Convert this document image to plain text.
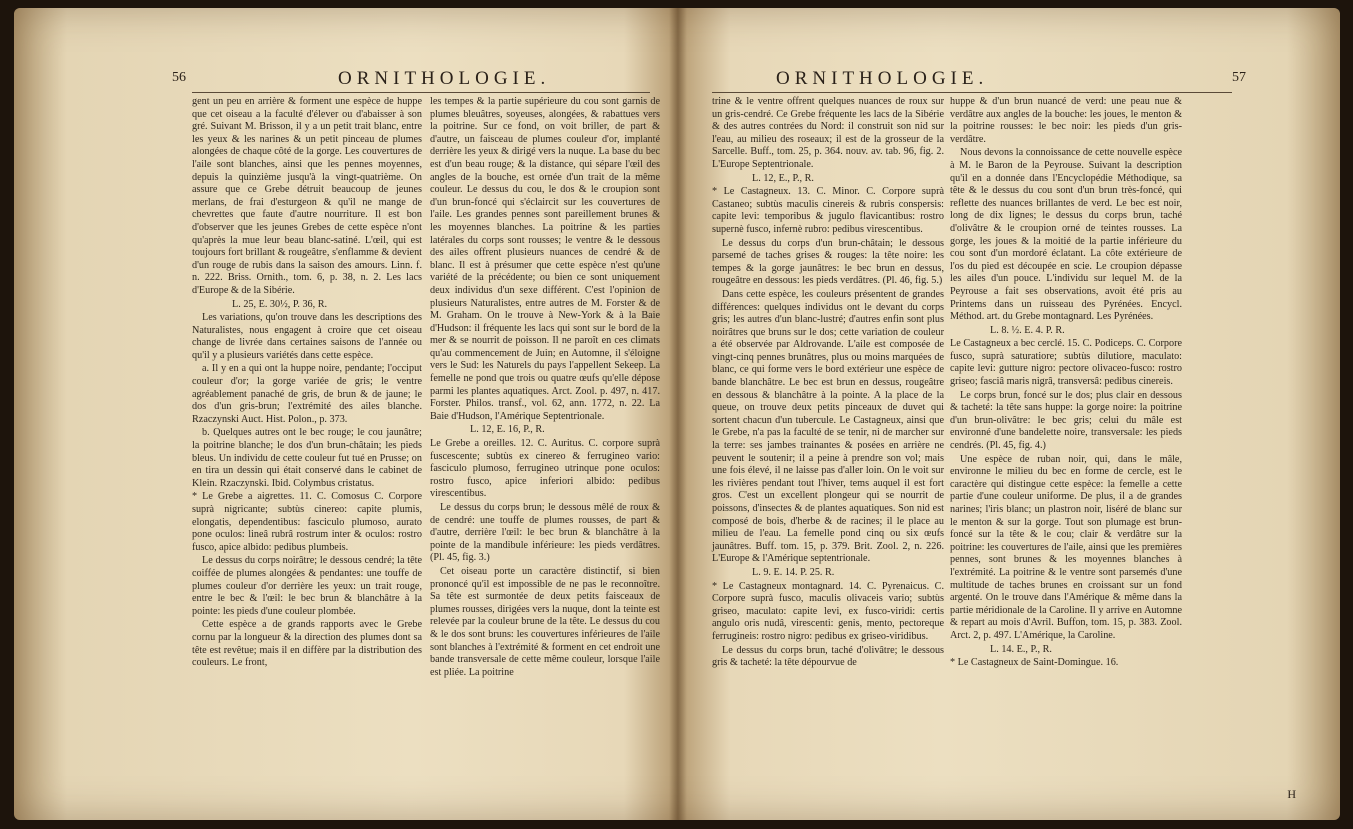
56	ORNITHOLOGIE.

gent un peu en arrière & forment une espèce de huppe que cet oiseau a la faculté d'élever ou d'abaisser à son gré. Suivant M. Brisson, il y a un petit trait blanc, entre les yeux & les narines & un petit pinceau de plumes alongées de chaque côté de la gorge. Les couvertures de l'aile sont blanches, ainsi que les pennes moyennes, depuis la quinzième jusqu'à la vingt-quatrième. On assure que ce Grebe détruit beaucoup de jeunes merlans, de frai d'esturgeon & qu'il ne mange de chevrettes que faute d'autre nourriture. Il est bon d'observer que les jeunes Grebes de cette espèce n'ont qu'après la mue leur beau blanc-satiné. L'œil, qui est toujours fort brillant & rougeâtre, s'enflamme & devient d'un rouge de rubis dans la saison des amours. Linn. f. n. 222. Briss. Ornith., tom. 6, p. 38, n. 2. Les lacs d'Europe & de la Sibérie.

L. 25, E. 30½, P. 36, R.

Les variations, qu'on trouve dans les descriptions des Naturalistes, nous engagent à croire que cet oiseau change de livrée dans certaines saisons de l'année ou qu'il y a plusieurs variétés dans cette espèce.

a. Il y en a qui ont la huppe noire, pendante; l'occiput couleur d'or; la gorge variée de gris; le ventre agréablement panaché de gris, de brun & de jaune; le dos d'un gris-brun; l'extrémité des ailes blanche. Rzaczynski Auct. Hist. Polon., p. 373.

b. Quelques autres ont le bec rouge; le cou jaunâtre; la poitrine blanche; le dos d'un brun-châtain; les pieds bleus. Un individu de cette couleur fut tué en Prusse; on en tira un dessin qui était conservé dans le cabinet de Klein. Rzaczynski. Ibid. Colymbus cristatus.

* Le Grebe a aigrettes. 11. C. Comosus C. Corpore suprà nigricante; subtùs cinereo: capite plumis, elongatis, dependentibus: fasciculo plumoso, aurato pone oculos: lineâ rubrâ rostrum inter & oculos: rostro fusco, apice albido: pedibus plumbeis.

Le dessus du corps noirâtre; le dessous cendré; la tête coiffée de plumes alongées & pendantes: une touffe de plumes couleur d'or derrière les yeux: un trait rouge, entre le bec & l'œil: le bec brun & blanchâtre à la pointe: les pieds d'une couleur plombée.

Cette espèce a de grands rapports avec le Grebe cornu par la longueur & la direction des plumes dont sa tête est revêtue; mais il en diffère par la distribution des couleurs. Le front,

les tempes & la partie supérieure du cou sont garnis de plumes bleuâtres, soyeuses, alongées, & rabattues vers la poitrine. Sur ce fond, on voit briller, de part & d'autre, un faisceau de plumes couleur d'or, implanté derrière les yeux & dirigé vers la nuque. La base du bec est d'un beau rouge; & la distance, qui sépare l'œil des angles de la bouche, est ornée d'un trait de la même couleur. Le dessus du cou, le dos & le croupion sont d'un brun-foncé qui s'éclaircit sur les couvertures de l'aile. Les grandes pennes sont pareillement brunes & les moyennes blanches. La poitrine & les parties latérales du corps sont rousses; le ventre & le dessous des ailes offrent plusieurs nuances de cendré & de blanc. Il est à présumer que cette espèce n'est qu'une variété de la précédente; ou bien ce sont uniquement deux individus d'un sexe différent. C'est l'opinion de plusieurs Naturalistes, entre autres de M. Forster & de M. Graham. On le trouve à New-York & à la Baie d'Hudson: il fréquente les lacs qui sont sur le bord de la mer & se nourrit de poisson. Il ne paroît en ces climats qu'au commencement de Juin; en Automne, il s'éloigne vers le Sud: les Naturels du pays l'appellent Sekeep. La femelle ne pond que trois ou quatre œufs qu'elle dépose parmi les plantes aquatiques. Arct. Zool. p. 497, n. 417. Forster. Philos. transf., vol. 62, ann. 1772, n. 22. La Baie d'Hudson, l'Amérique Septentrionale.

L. 12, E. 16, P., R.

Le Grebe a oreilles. 12. C. Auritus. C. corpore suprà fuscescente; subtùs ex cinereo & ferrugineo vario: fasciculo plumoso, ferrugineo utrinque pone oculos: rostro fusco, apice inferiori albido: pedibus virescentibus.

Le dessus du corps brun; le dessous mêlé de roux & de cendré: une touffe de plumes rousses, de part & d'autre, derrière l'œil: le bec brun & blanchâtre à la pointe de la mandibule inférieure: les pieds verdâtres. (Pl. 45, fig. 3.)

Cet oiseau porte un caractère distinctif, si bien prononcé qu'il est impossible de ne pas le reconnoître. Sa tête est surmontée de deux petits faisceaux de plumes rousses, dirigées vers la nuque, dont la teinte est relevée par la couleur brune de la tête. Le dessus du cou & le dos sont bruns: les couvertures inférieures de l'aile sont blanches à l'extrémité & forment en cet endroit une bande transversale de cette même couleur, lorsque l'aile est pliée. La poitrine

ORNITHOLOGIE.	57

trine & le ventre offrent quelques nuances de roux sur un gris-cendré. Ce Grebe fréquente les lacs de la Sibérie & des autres contrées du Nord: il construit son nid sur l'eau, au milieu des roseaux; il est de la grosseur de la Sarcelle. Buff., tom. 25, p. 364. nouv. av. tab. 96, fig. 2. L'Europe Septentrionale.

L. 12, E., P., R.

* Le Castagneux. 13. C. Minor. C. Corpore suprà Castaneo; subtùs maculis cinereis & rubris conspersis: capite levi: temporibus & jugulo flavicantibus: rostro supernè fusco, infernè rubro: pedibus virescentibus.

Le dessus du corps d'un brun-châtain; le dessous parsemé de taches grises & rouges: la tête noire: les tempes & la gorge jaunâtres: le bec brun en dessus, rougeâtre en dessous: les pieds verdâtres. (Pl. 46, fig. 5.)

Dans cette espèce, les couleurs présentent de grandes différences: quelques individus ont le devant du corps gris; les autres d'un blanc-lustré; d'autres enfin sont plus noirâtres que bruns sur le dos; cette variation de couleur a été observée par Aldrovande. L'aile est composée de vingt-cinq pennes brunâtres, plus ou moins marquées de blanc, ce qui forme vers le bord extérieur une espèce de bande blanchâtre. Le bec est brun en dessus, rougeâtre en dessous & blanchâtre à la pointe. A la place de la queue, on trouve deux petits pinceaux de duvet qui sortent chacun d'un tubercule. Le Castagneux, ainsi que le Grebe, n'a pas la faculté de se tenir, ni de marcher sur la terre: ses jambes trainantes & posées en arrière ne peuvent le soutenir; il a peine à prendre son vol; mais une fois élevé, il ne laisse pas d'aller loin. On le voit sur les rivières pendant tout l'hiver, tems auquel il est fort gros. C'est un excellent plongeur qui se nourrit de poissons, d'insectes & de plantes aquatiques. Son nid est composé de bois, d'herbe & de racines; il le place au milieu de l'eau. La femelle pond cinq ou six œufs jaunâtres. Buff. tom. 15, p. 379. Brit. Zool. 2, n. 226. L'Europe & l'Amérique septentrionale.

L. 9. E. 14. P. 25. R.

* Le Castagneux montagnard. 14. C. Pyrenaicus. C. Corpore suprà fusco, maculis olivaceis vario; subtùs griseo, maculato: capite levi, ex fusco-viridi: certis angulo oris nudâ, virescenti: genis, mento, pectoreque ferrugineis: rostro nigro: pedibus ex griseo-viridibus.

Le dessus du corps brun, taché d'olivâtre; le dessous gris & tacheté: la tête dépourvue de

huppe & d'un brun nuancé de verd: une peau nue & verdâtre aux angles de la bouche: les joues, le menton & la poitrine rousses: le bec noir: les pieds d'un gris-verdâtre.

Nous devons la connoissance de cette nouvelle espèce à M. le Baron de la Peyrouse. Suivant la description qu'il en a donnée dans l'Encyclopédie Méthodique, sa tête & le dessus du cou sont d'un brun très-foncé, qui reflette des nuances brillantes de verd. Le bec est noir, long de dix lignes; le dessus du corps brun, taché d'olivâtre & le croupion orné de teintes rousses. La gorge, les joues & la moitié de la partie inférieure du cou sont d'un mordoré éclatant. La côte extérieure de l'os du pied est découpée en scie. Le croupion dépasse les ailes d'un pouce. L'individu sur lequel M. de la Peyrouse a fait ses observations, avoit été pris au Printems dans un ruisseau des Pyrénées. Encycl. Méthod. art. du Grebe montagnard. Les Pyrénées.

L. 8. ½. E. 4. P. R.

Le Castagneux a bec cerclé. 15. C. Podiceps. C. Corpore fusco, suprà saturatiore; subtùs dilutiore, maculato: capite levi: gutture nigro: pectore olivaceo-fusco: rostro griseo; fasciâ maris nigrâ, transversâ: pedibus cinereis.

Le corps brun, foncé sur le dos; plus clair en dessous & tacheté: la tête sans huppe: la gorge noire: la poitrine d'un brun-olivâtre: le bec gris; celui du mâle est environné d'une bandelette noire, transversale: les pieds cendrés. (Pl. 45, fig. 4.)

Une espèce de ruban noir, qui, dans le mâle, environne le milieu du bec en forme de cercle, est le caractère qui distingue cette espèce: la femelle a cette partie d'une couleur uniforme. De plus, il a de grandes narines; l'iris blanc; un plastron noir, liséré de blanc sur le menton & sur la gorge. Tout son plumage est brun-foncé sur la tête & le cou; clair & verdâtre sur la poitrine: les couvertures de l'aile, ainsi que les premières pennes, sont brunes & les moyennes blanches à l'extrémité. La poitrine & le ventre sont parsemés d'une multitude de taches brunes en croissant sur un fond argenté. On le trouve dans l'Amérique & même dans la partie méridionale de la Caroline. Il y arrive en Automne & repart au mois d'Avril. Buffon, tom. 15, p. 383. Zool. Arct. 2, p. 497. L'Amérique, la Caroline.

L. 14. E., P., R.

* Le Castagneux de Saint-Domingue. 16.

H
